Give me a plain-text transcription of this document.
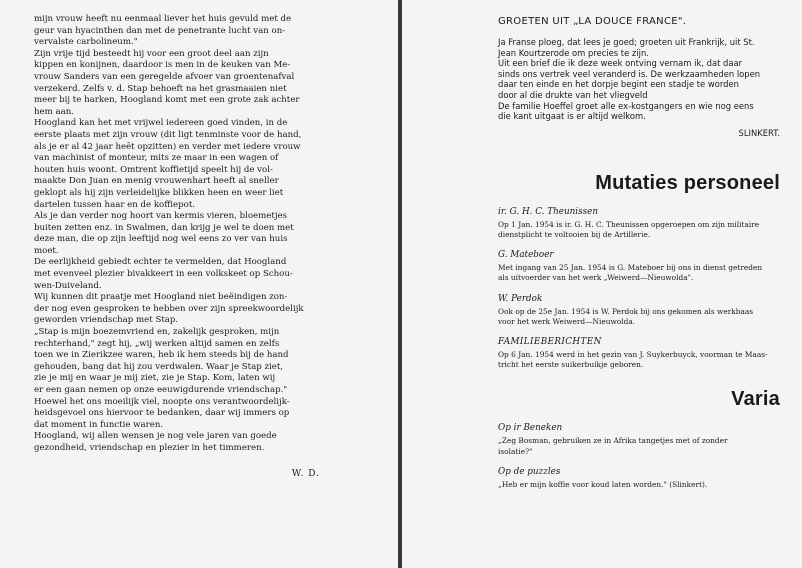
mijn vrouw heeft nu eenmaal liever het huis gevuld met de

geur van hyacinthen dan met de penetrante lucht van on-

vervalste carbolineum."

Zijn vrije tijd besteedt hij voor een groot deel aan zijn

kippen en konijnen, daardoor is men in de keuken van Me-

vrouw Sanders van een geregelde afvoer van groentenafval

verzekerd. Zelfs v. d. Stap behoeft na het grasmaaien niet

meer bij te harken, Hoogland komt met een grote zak achter

hem aan.

Hoogland kan het met vrijwel iedereen goed vinden, in de

eerste plaats met zijn vrouw (dit ligt tenminste voor de hand,

als je er al 42 jaar heēt opzitten) en verder met iedere vrouw

van machinist of monteur, mits ze maar in een wagen of

houten huis woont. Omtrent koffietijd speelt hij de vol-

maakte Don Juan en menig vrouwenhart heeft al sneller

geklopt als hij zijn verleidelijke blikken heen en weer liet

dartelen tussen haar en de koffiepot.

Als je dan verder nog hoort van kermis vieren, bloemetjes

buiten zetten enz. in Swalmen, dan krijg je wel te doen met

deze man, die op zijn leeftijd nog wel eens zo ver van huis

moet.

De eerlijkheid gebiedt echter te vermelden, dat Hoogland

met evenveel plezier bivakkeert in een volkskeet op Schou-

wen-Duiveland.

Wij kunnen dit praatje met Hoogland niet beëindigen zon-

der nog even gesproken te hebben over zijn spreekwoordelijk

geworden vriendschap met Stap.

„Stap is mijn boezemvriend en, zakelijk gesproken, mijn

rechterhand," zegt hij, „wij werken altijd samen en zelfs

toen we in Zierikzee waren, heb ik hem steeds bij de hand

gehouden, bang dat hij zou verdwalen. Waar je Stap ziet,

zie je mij en waar je mij ziet, zie je Stap. Kom, laten wij

er een gaan nemen op onze eeuwigdurende vriendschap."

Hoewel het ons moeilijk viel, noopte ons verantwoordelijk-

heidsgevoel ons hiervoor te bedanken, daar wij immers op

dat moment in functie waren.

Hoogland, wij allen wensen je nog vele jaren van goede

gezondheid, vriendschap en plezier in het timmeren.

W. D.
GROETEN UIT „LA DOUCE FRANCE".

Ja Franse ploeg, dat lees je goed; groeten uit Frankrijk, uit St.

Jean Kourtzerode om precies te zijn.

Uit een brief die ik deze week ontving vernam ik, dat daar

sinds ons vertrek veel veranderd is. De werkzaamheden lopen

daar ten einde en het dorpje begint een stadje te worden

door al die drukte van het vliegveld

De familie Hoeffel groet alle ex-kostgangers en wie nog eens

die kant uitgaat is er altijd welkom.

SLINKERT.
Mutaties personeel
ir. G. H. C. Theunissen
Op 1 Jan. 1954 is ir. G. H. C. Theunissen opgeroepen om zijn militaire
dienstplicht te voltooien bij de Artillerie.
G. Mateboer
Met ingang van 25 Jan. 1954 is G. Mateboer bij ons in dienst getreden
als uitvoerder van het werk „Weiwerd—Nieuwolda".
W. Perdok
Ook op de 25e Jan. 1954 is W. Perdok bij ons gekomen als werkbaas
voor het werk Weiwerd—Nieuwolda.
FAMILIEBERICHTEN
Op 6 Jan. 1954 werd in het gezin van J. Suykerbuyck, voorman te Maas-
tricht het eerste suikerbuikje geboren.
Varia
Op ir Beneken
„Zeg Bosman, gebruiken ze in Afrika tangetjes met of zonder
isolatie?"
Op de puzzles
„Heb er mijn koffie voor koud laten worden." (Slinkert).
